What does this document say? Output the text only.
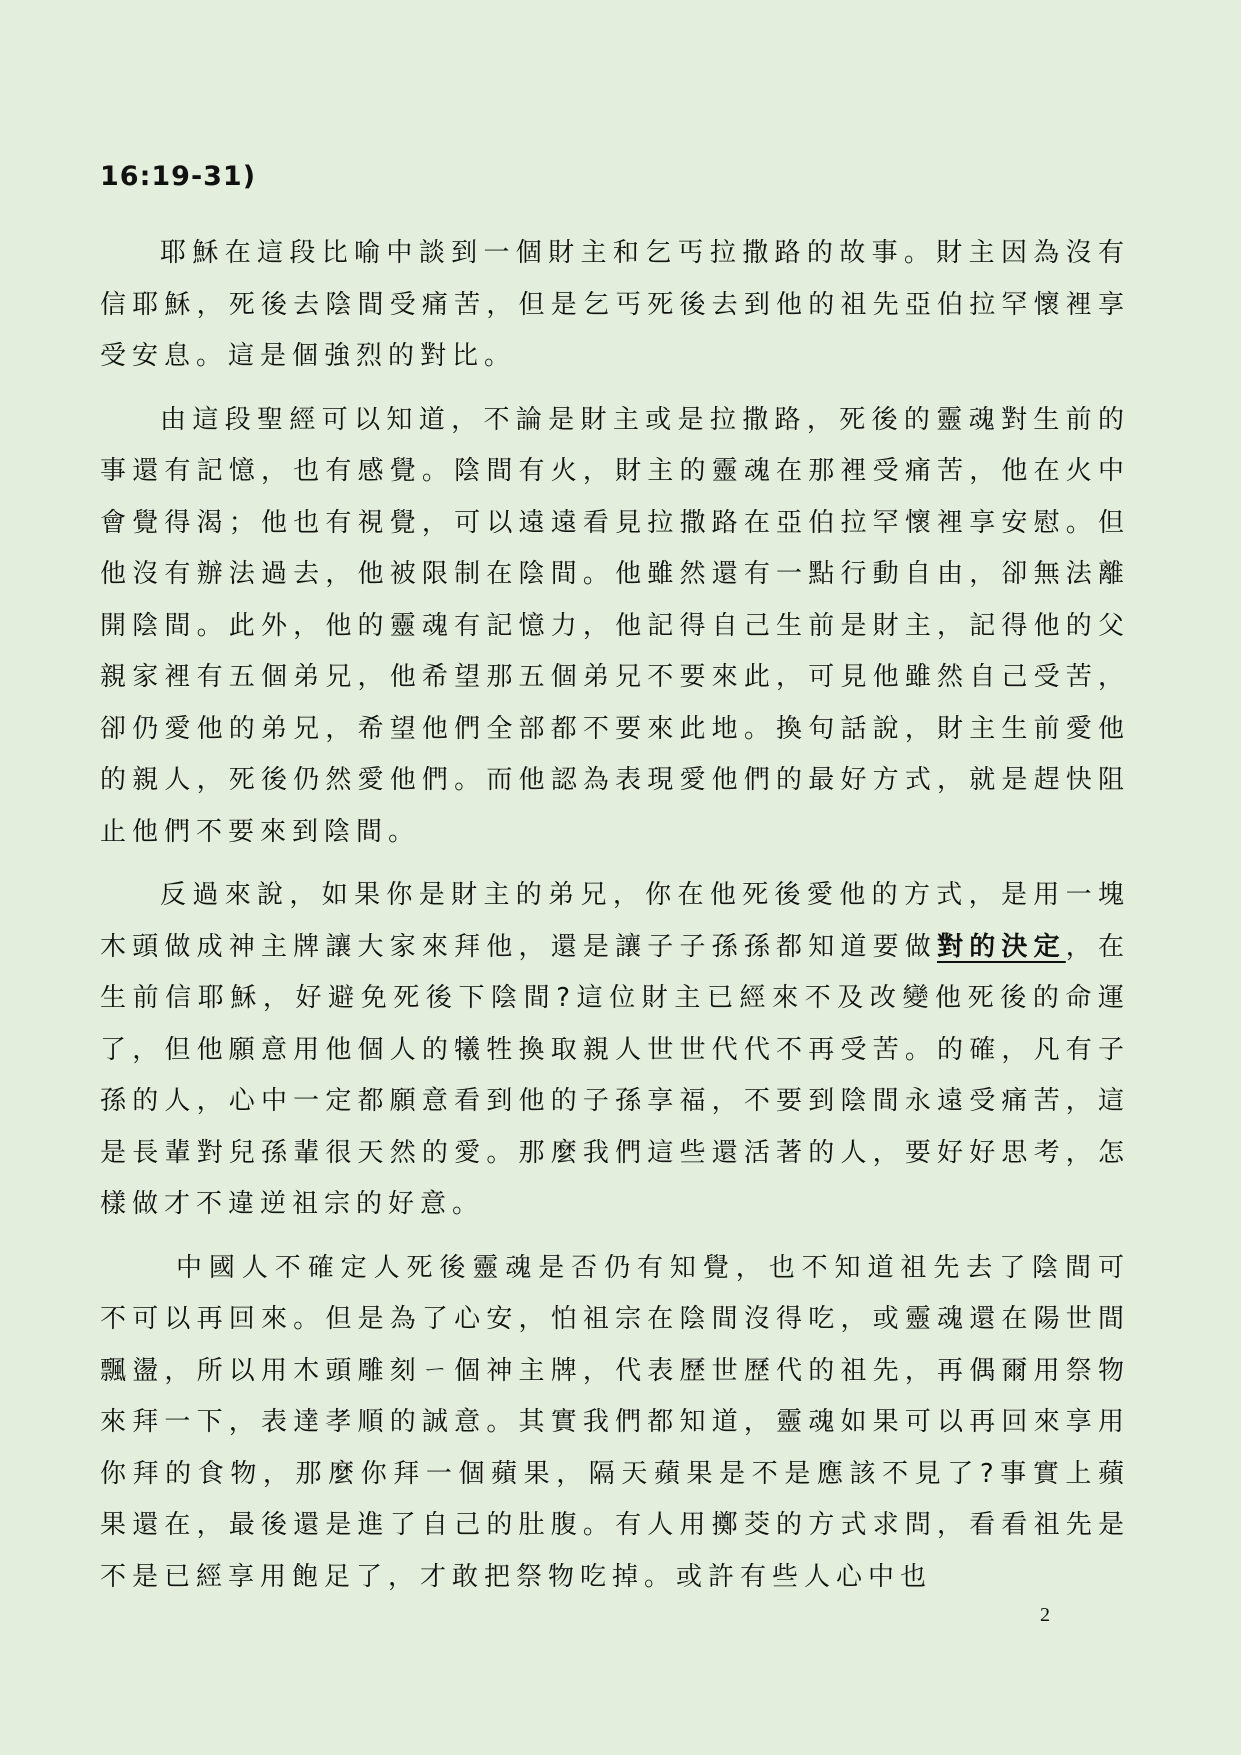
16:19-31)

耶穌在這段比喻中談到一個財主和乞丐拉撒路的故事。財主因為沒有信耶穌，死後去陰間受痛苦，但是乞丐死後去到他的祖先亞伯拉罕懷裡享受安息。這是個強烈的對比。

由這段聖經可以知道，不論是財主或是拉撒路，死後的靈魂對生前的事還有記憶，也有感覺。陰間有火，財主的靈魂在那裡受痛苦，他在火中會覺得渴；他也有視覺，可以遠遠看見拉撒路在亞伯拉罕懷裡享安慰。但他沒有辦法過去，他被限制在陰間。他雖然還有一點行動自由，卻無法離開陰間。此外，他的靈魂有記憶力，他記得自己生前是財主，記得他的父親家裡有五個弟兄，他希望那五個弟兄不要來此，可見他雖然自己受苦，卻仍愛他的弟兄，希望他們全部都不要來此地。換句話說，財主生前愛他的親人，死後仍然愛他們。而他認為表現愛他們的最好方式，就是趕快阻止他們不要來到陰間。

反過來說，如果你是財主的弟兄，你在他死後愛他的方式，是用一塊木頭做成神主牌讓大家來拜他，還是讓子子孫孫都知道要做對的決定，在生前信耶穌，好避免死後下陰間?這位財主已經來不及改變他死後的命運了，但他願意用他個人的犧牲換取親人世世代代不再受苦。的確，凡有子孫的人，心中一定都願意看到他的子孫享福，不要到陰間永遠受痛苦，這是長輩對兒孫輩很天然的愛。那麼我們這些還活著的人，要好好思考，怎樣做才不違逆祖宗的好意。

中國人不確定人死後靈魂是否仍有知覺，也不知道祖先去了陰間可不可以再回來。但是為了心安，怕祖宗在陰間沒得吃，或靈魂還在陽世間飄盪，所以用木頭雕刻ㄧ個神主牌，代表歷世歷代的祖先，再偶爾用祭物來拜一下，表達孝順的誠意。其實我們都知道，靈魂如果可以再回來享用你拜的食物，那麼你拜一個蘋果，隔天蘋果是不是應該不見了?事實上蘋果還在，最後還是進了自己的肚腹。有人用擲茭的方式求問，看看祖先是不是已經享用飽足了，才敢把祭物吃掉。或許有些人心中也

2
